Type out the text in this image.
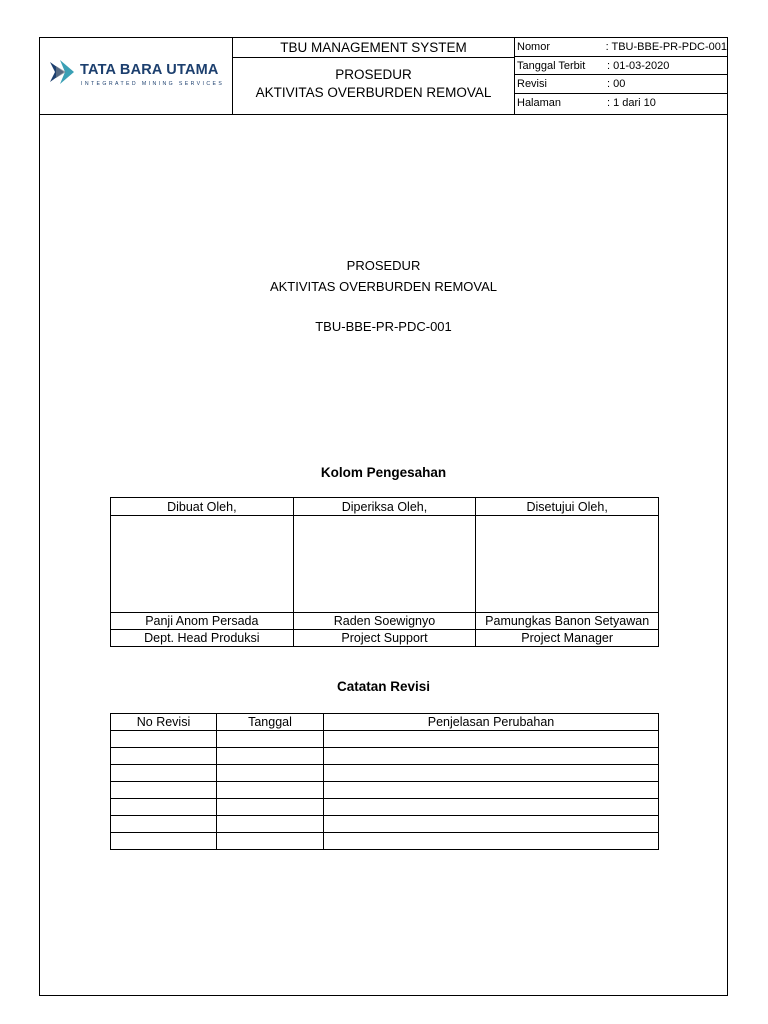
TATA BARA UTAMA
INTEGRATED MINING SERVICES
TBU MANAGEMENT SYSTEM
PROSEDUR
AKTIVITAS OVERBURDEN REMOVAL
Nomor	: TBU-BBE-PR-PDC-001
Tanggal Terbit	: 01-03-2020
Revisi	: 00
Halaman	: 1 dari 10
PROSEDUR
AKTIVITAS OVERBURDEN REMOVAL
TBU-BBE-PR-PDC-001
Kolom Pengesahan
Dibuat Oleh,	Diperiksa Oleh,	Disetujui Oleh,

Panji Anom Persada	Raden Soewignyo	Pamungkas Banon Setyawan
Dept. Head Produksi	Project Support	Project Manager
Catatan Revisi
No Revisi	Tanggal	Penjelasan Perubahan
